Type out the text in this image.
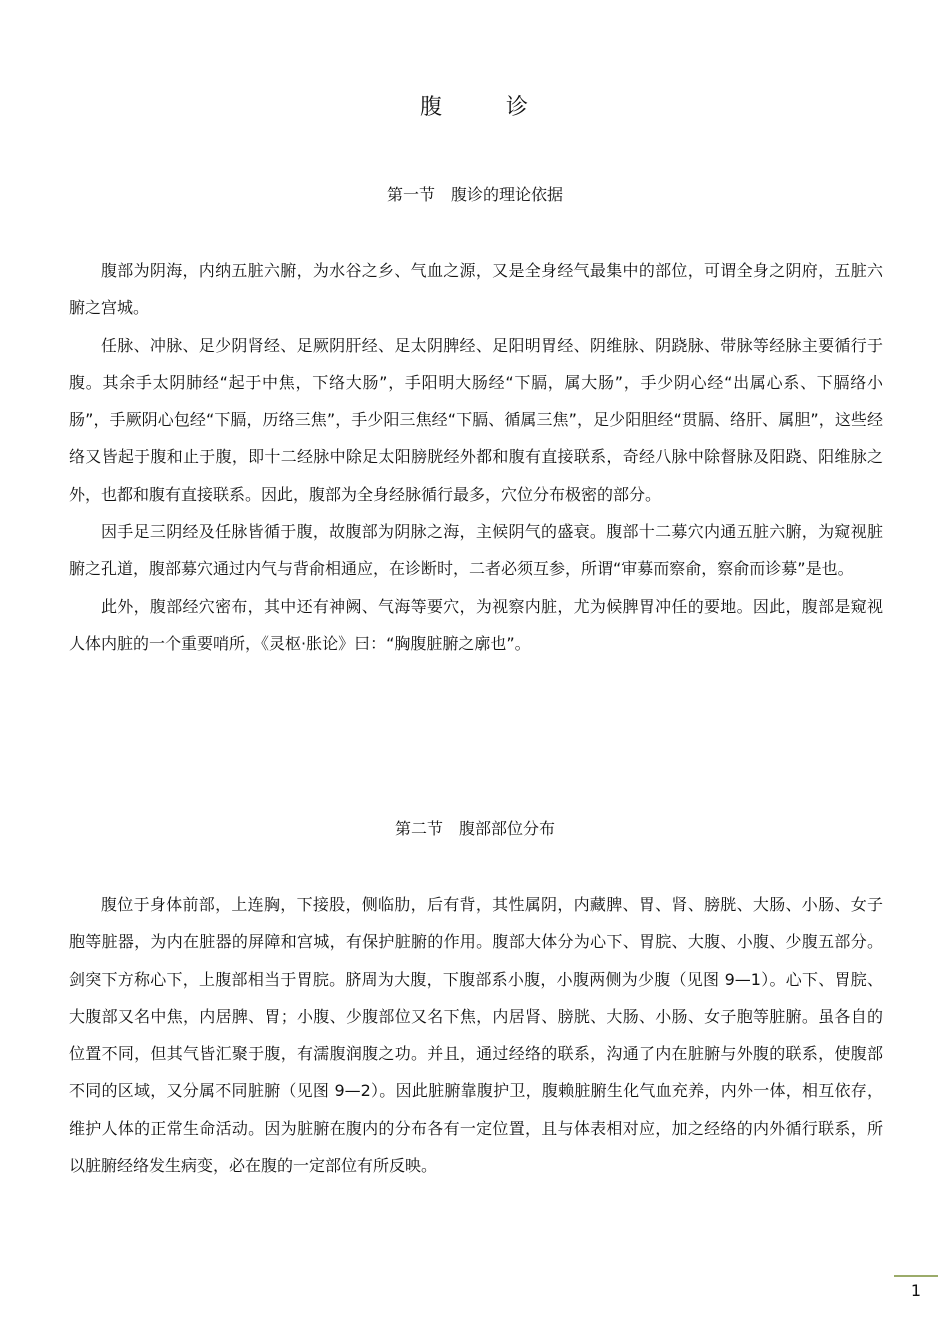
腹	诊
第一节 腹诊的理论依据

腹部为阴海，内纳五脏六腑，为水谷之乡、气血之源，又是全身经气最集中的部位，可谓全身之阴府，五脏六腑之宫城。

任脉、冲脉、足少阴肾经、足厥阴肝经、足太阴脾经、足阳明胃经、阴维脉、阴跷脉、带脉等经脉主要循行于腹。其余手太阴肺经“起于中焦，下络大肠”，手阳明大肠经“下膈，属大肠”，手少阴心经“出属心系、下膈络小肠”，手厥阴心包经“下膈，历络三焦”，手少阳三焦经“下膈、循属三焦”，足少阳胆经“贯膈、络肝、属胆”，这些经络又皆起于腹和止于腹，即十二经脉中除足太阳膀胱经外都和腹有直接联系，奇经八脉中除督脉及阳跷、阳维脉之外，也都和腹有直接联系。因此，腹部为全身经脉循行最多，穴位分布极密的部分。

因手足三阴经及任脉皆循于腹，故腹部为阴脉之海，主候阴气的盛衰。腹部十二募穴内通五脏六腑，为窥视脏腑之孔道，腹部募穴通过内气与背俞相通应，在诊断时，二者必须互参，所谓“审募而察俞，察俞而诊募”是也。

此外，腹部经穴密布，其中还有神阙、气海等要穴，为视察内脏，尤为候脾胃冲任的要地。因此，腹部是窥视人体内脏的一个重要哨所，《灵枢·胀论》曰：“胸腹脏腑之廓也”。

第二节 腹部部位分布

腹位于身体前部，上连胸，下接股，侧临肋，后有背，其性属阴，内藏脾、胃、肾、膀胱、大肠、小肠、女子胞等脏器，为内在脏器的屏障和宫城，有保护脏腑的作用。腹部大体分为心下、胃脘、大腹、小腹、少腹五部分。剑突下方称心下，上腹部相当于胃脘。脐周为大腹，下腹部系小腹，小腹两侧为少腹（见图 9—1）。心下、胃脘、大腹部又名中焦，内居脾、胃；小腹、少腹部位又名下焦，内居肾、膀胱、大肠、小肠、女子胞等脏腑。虽各自的位置不同，但其气皆汇聚于腹，有濡腹润腹之功。并且，通过经络的联系，沟通了内在脏腑与外腹的联系，使腹部不同的区域，又分属不同脏腑（见图 9—2）。因此脏腑靠腹护卫，腹赖脏腑生化气血充养，内外一体，相互依存，维护人体的正常生命活动。因为脏腑在腹内的分布各有一定位置，且与体表相对应，加之经络的内外循行联系，所以脏腑经络发生病变，必在腹的一定部位有所反映。

1
